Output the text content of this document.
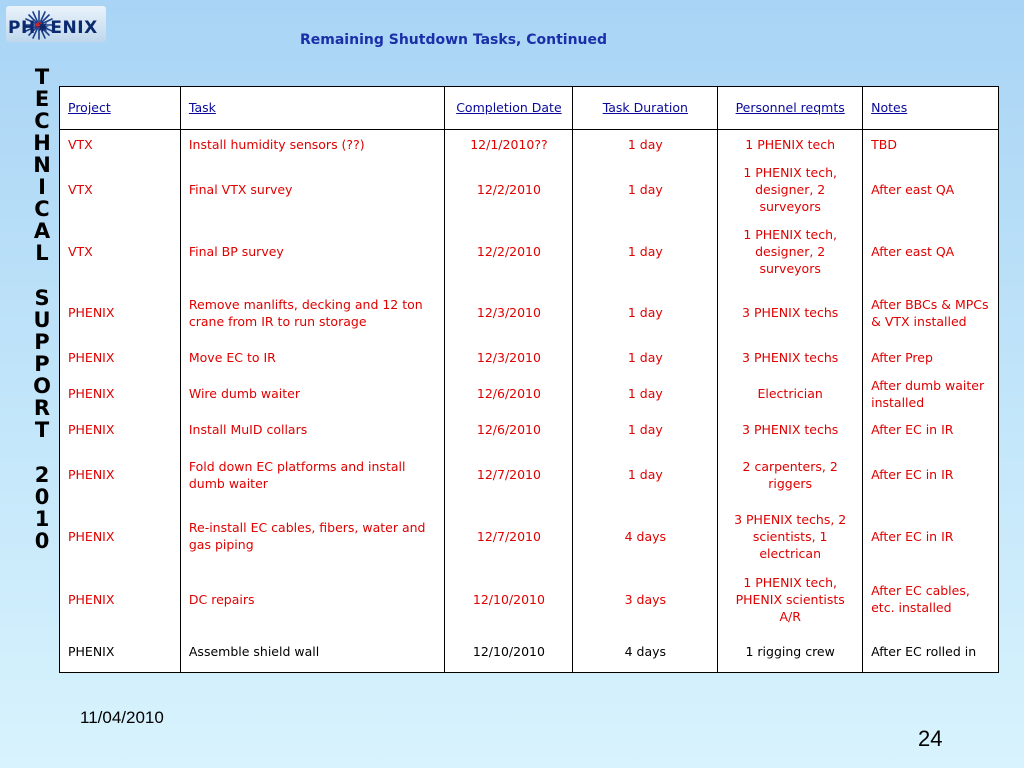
PH✷ENIX
Remaining Shutdown Tasks, Continued
T
E
C
H
N
I
C
A
L
S
U
P
P
O
R
T
2
0
1
0
Project	Task	Completion Date	Task Duration	Personnel reqmts	Notes
VTX	Install humidity sensors (??)	12/1/2010??	1 day	1 PHENIX tech	TBD
VTX	Final VTX survey	12/2/2010	1 day	1 PHENIX tech, designer, 2 surveyors	After east QA
VTX	Final BP survey	12/2/2010	1 day	1 PHENIX tech, designer, 2 surveyors	After east QA
PHENIX	Remove manlifts, decking and 12 ton crane from IR to run storage	12/3/2010	1 day	3 PHENIX techs	After BBCs & MPCs & VTX installed
PHENIX	Move EC to IR	12/3/2010	1 day	3 PHENIX techs	After Prep
PHENIX	Wire dumb waiter	12/6/2010	1 day	Electrician	After dumb waiter installed
PHENIX	Install MuID collars	12/6/2010	1 day	3 PHENIX techs	After EC in IR
PHENIX	Fold down EC platforms and install dumb waiter	12/7/2010	1 day	2 carpenters, 2 riggers	After EC in IR
PHENIX	Re-install EC cables, fibers, water and gas piping	12/7/2010	4 days	3 PHENIX techs, 2 scientists, 1 electrican	After EC in IR
PHENIX	DC repairs	12/10/2010	3 days	1 PHENIX tech, PHENIX scientists A/R	After EC cables, etc. installed
PHENIX	Assemble shield wall	12/10/2010	4 days	1 rigging crew	After EC rolled in
11/04/2010
24
